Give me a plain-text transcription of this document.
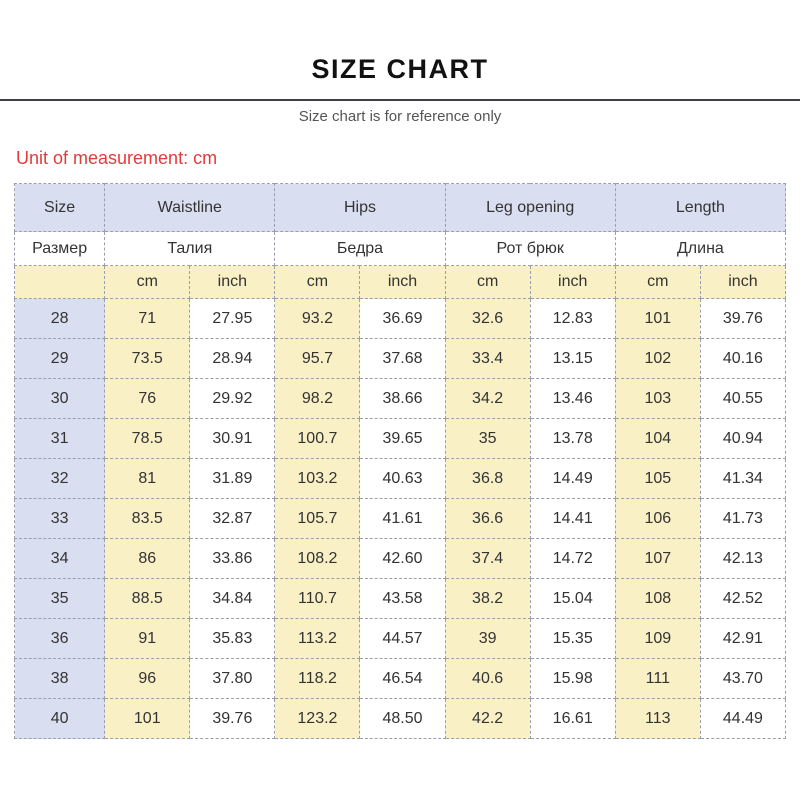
SIZE CHART
Size chart is for reference only
Unit of measurement: cm
Size	Waistline		Hips		Leg opening		Length	
Размер	Талия		Бедра		Рот брюк		Длина	
	cm	inch	cm	inch	cm	inch	cm	inch
28	71	27.95	93.2	36.69	32.6	12.83	101	39.76
29	73.5	28.94	95.7	37.68	33.4	13.15	102	40.16
30	76	29.92	98.2	38.66	34.2	13.46	103	40.55
31	78.5	30.91	100.7	39.65	35	13.78	104	40.94
32	81	31.89	103.2	40.63	36.8	14.49	105	41.34
33	83.5	32.87	105.7	41.61	36.6	14.41	106	41.73
34	86	33.86	108.2	42.60	37.4	14.72	107	42.13
35	88.5	34.84	110.7	43.58	38.2	15.04	108	42.52
36	91	35.83	113.2	44.57	39	15.35	109	42.91
38	96	37.80	118.2	46.54	40.6	15.98	111	43.70
40	101	39.76	123.2	48.50	42.2	16.61	113	44.49
